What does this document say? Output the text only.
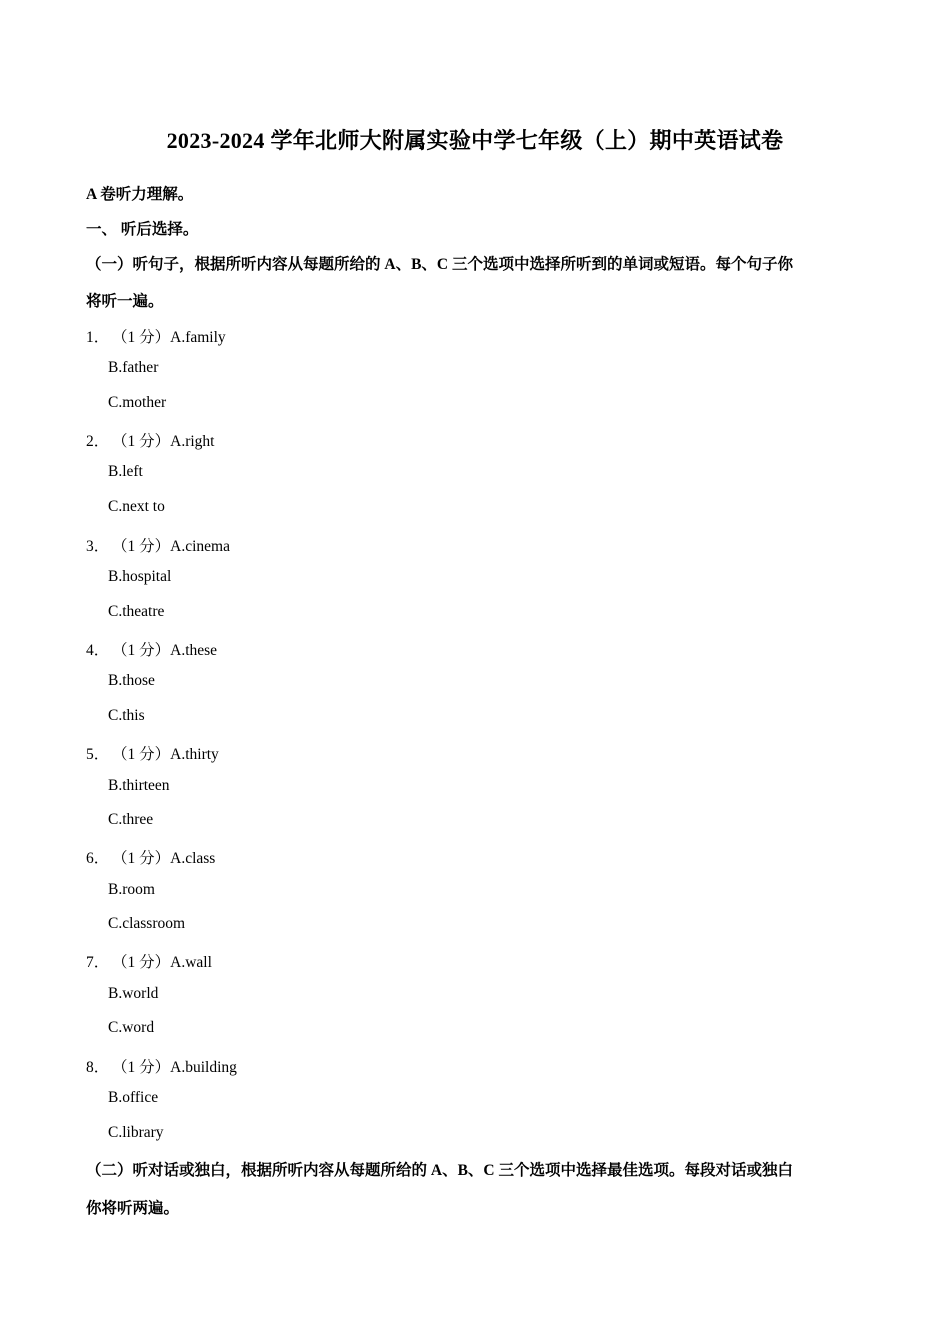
2023-2024 学年北师大附属实验中学七年级（上）期中英语试卷
A 卷听力理解。
一、 听后选择。
（一）听句子，根据所听内容从每题所给的 A、B、C 三个选项中选择所听到的单词或短语。每个句子你
将听一遍。
1． （1 分）A.family
B.father
C.mother
2． （1 分）A.right
B.left
C.next to
3． （1 分）A.cinema
B.hospital
C.theatre
4． （1 分）A.these
B.those
C.this
5． （1 分）A.thirty
B.thirteen
C.three
6． （1 分）A.class
B.room
C.classroom
7． （1 分）A.wall
B.world
C.word
8． （1 分）A.building
B.office
C.library
（二）听对话或独白，根据所听内容从每题所给的 A、B、C 三个选项中选择最佳选项。每段对话或独白
你将听两遍。
